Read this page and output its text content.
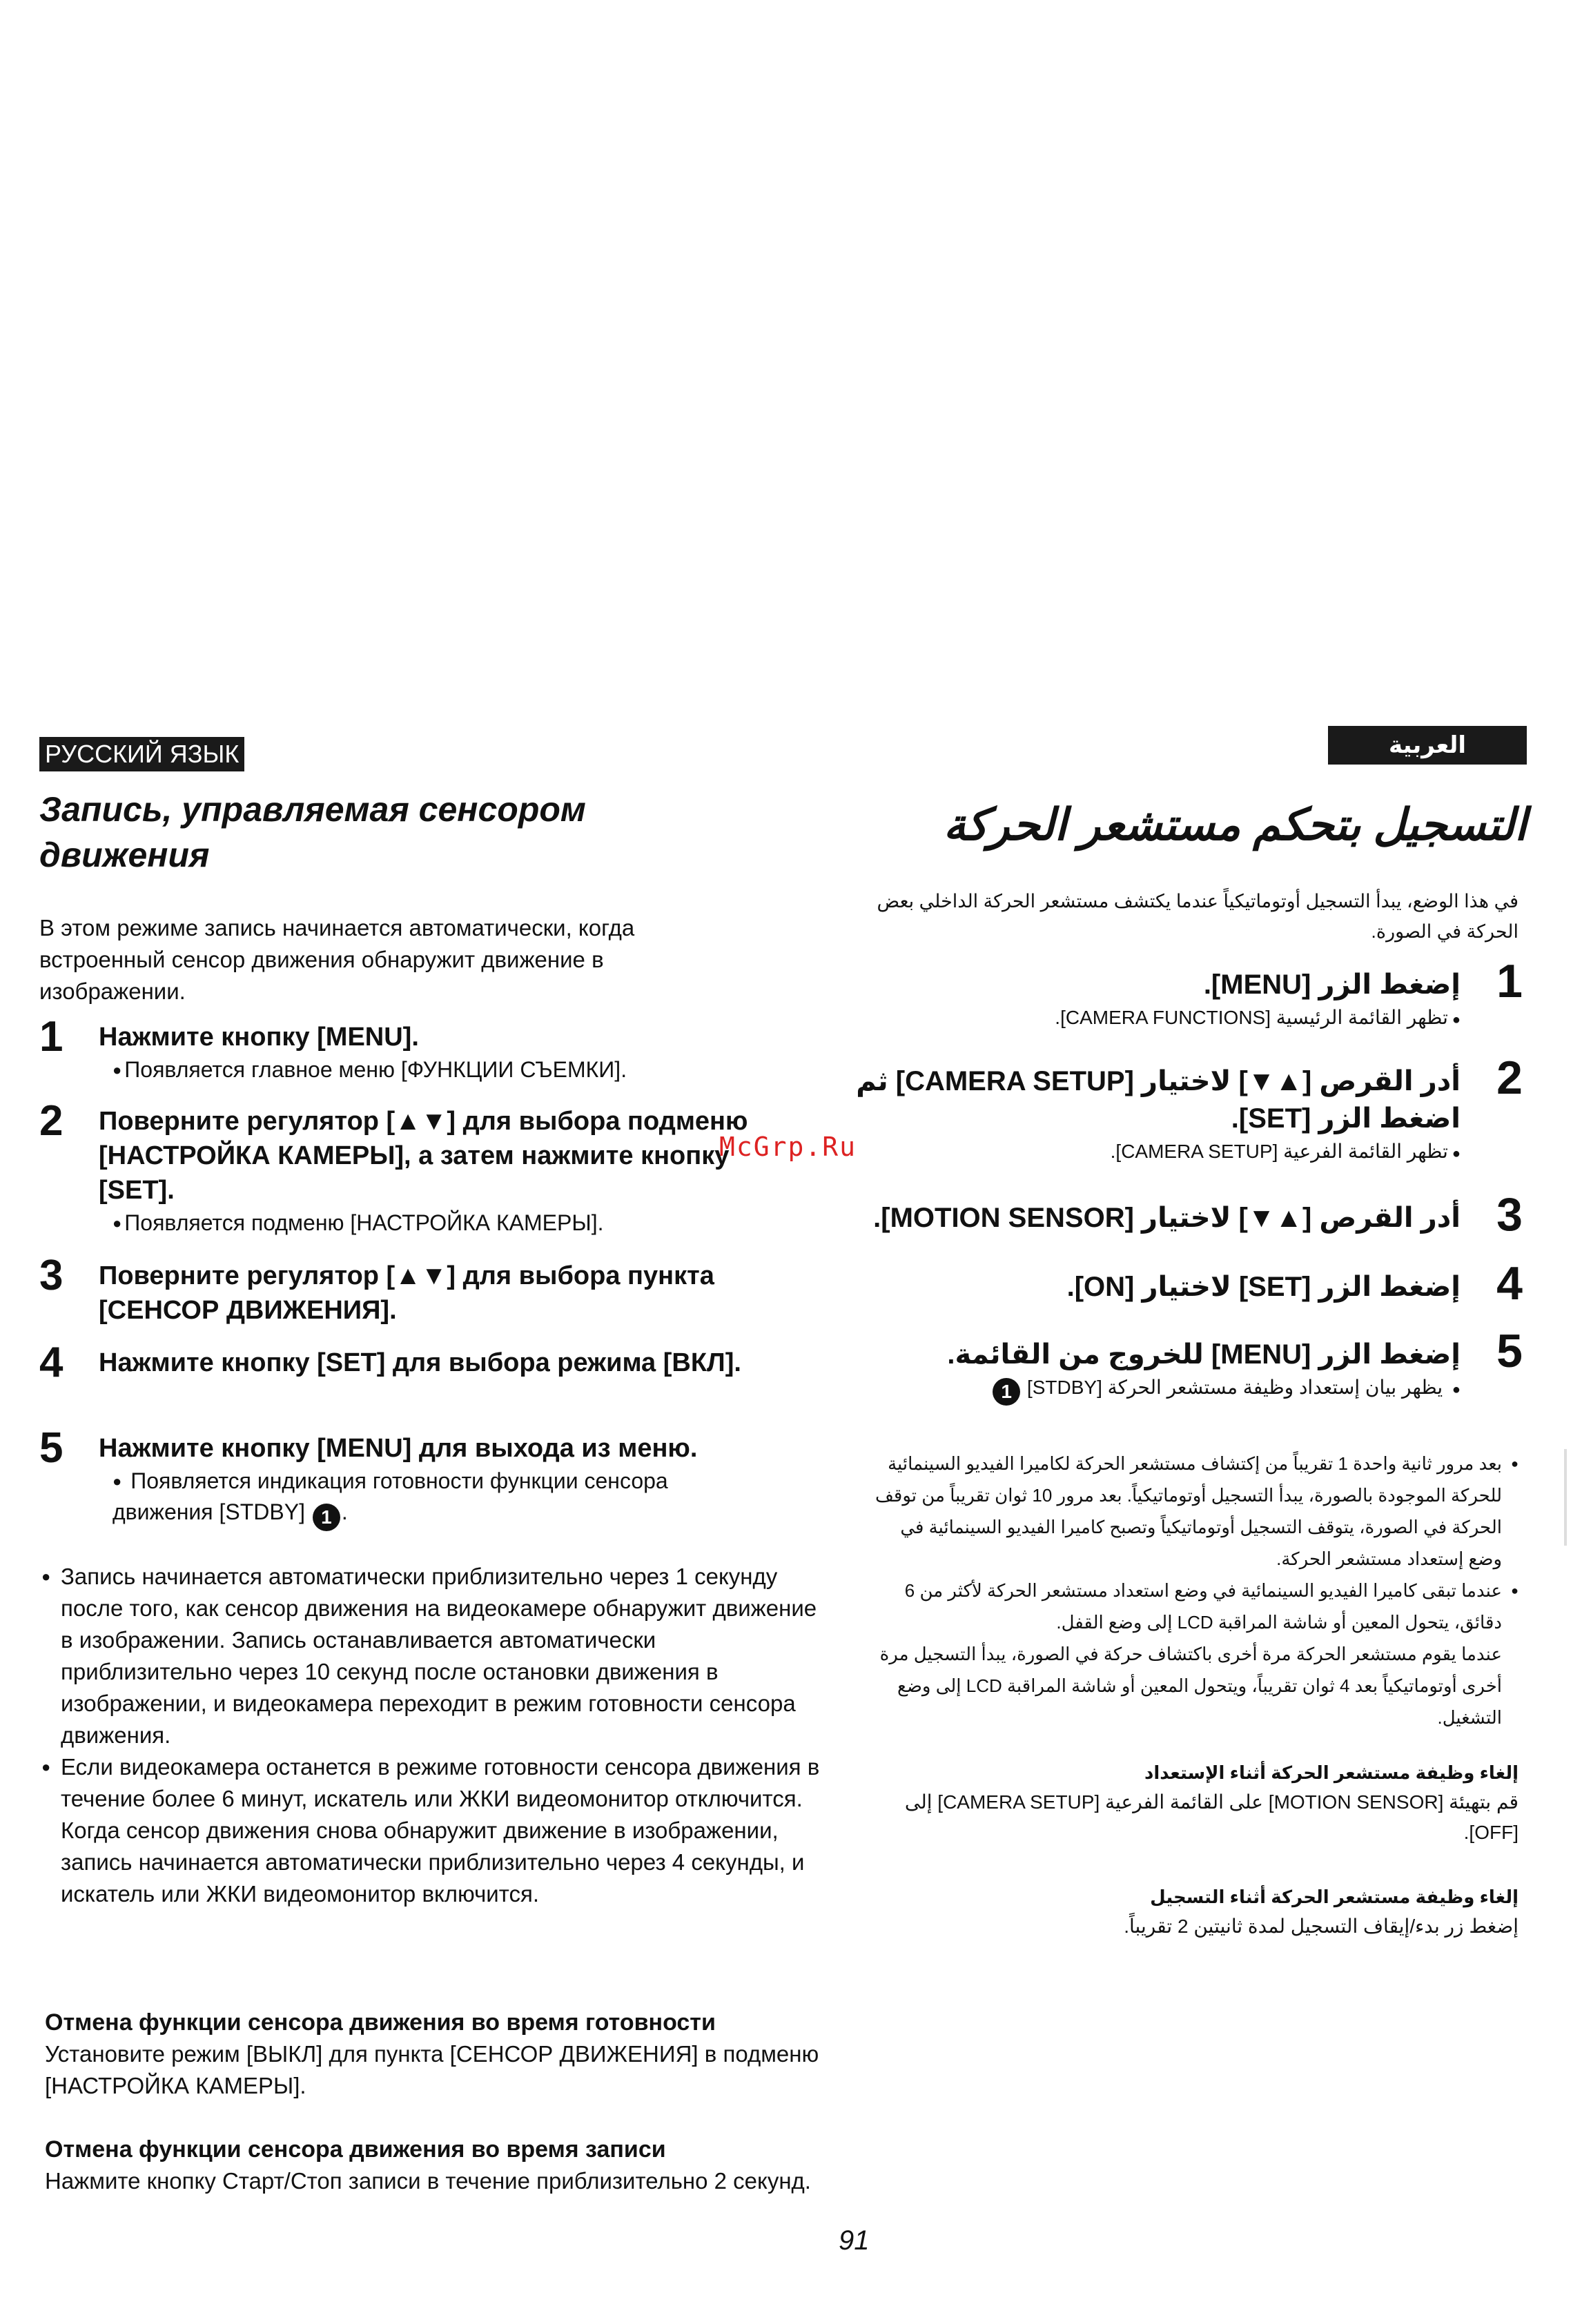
РУССКИЙ ЯЗЫК
Запись, управляемая сенсором движения
В этом режиме запись начинается автоматически, когда встроенный сенсор движения обнаружит движение в изображении.
1	Нажмите кнопку [MENU].
● Появляется главное меню [ФУНКЦИИ СЪЕМКИ].
2	Поверните регулятор [▲▼] для выбора подменю [НАСТРОЙКА КАМЕРЫ], а затем нажмите кнопку [SET].
● Появляется подменю [НАСТРОЙКА КАМЕРЫ].
3	Поверните регулятор [▲▼] для выбора пункта [СЕНСОР ДВИЖЕНИЯ].
4	Нажмите кнопку [SET] для выбора режима [ВКЛ].
5	Нажмите кнопку [MENU] для выхода из меню.
● Появляется индикация готовности функции сенсора движения [STDBY] 1 .
● Запись начинается автоматически приблизительно через 1 секунду после того, как сенсор движения на видеокамере обнаружит движение в изображении. Запись останавливается автоматически приблизительно через 10 секунд после остановки движения в изображении, и видеокамера переходит в режим готовности сенсора движения.
● Если видеокамера останется в режиме готовности сенсора движения в течение более 6 минут, искатель или ЖКИ видеомонитор отключится.
Когда сенсор движения снова обнаружит движение в изображении, запись начинается автоматически приблизительно через 4 секунды, и искатель или ЖКИ видеомонитор включится.
Отмена функции сенсора движения во время готовности
Установите режим [ВЫКЛ] для пункта [СЕНСОР ДВИЖЕНИЯ] в подменю [НАСТРОЙКА КАМЕРЫ].
Отмена функции сенсора движения во время записи
Нажмите кнопку Старт/Стоп записи в течение приблизительно 2 секунд.
McGrp.Ru
العربية
التسجيل بتحكم مستشعر الحركة
في هذا الوضع، يبدأ التسجيل أوتوماتيكياً عندما يكتشف مستشعر الحركة الداخلي بعض الحركة في الصورة.
1
إضغط الزر [MENU].
● تظهر القائمة الرئيسية [CAMERA FUNCTIONS].
2
أدر القرص [▲▼] لاختيار [CAMERA SETUP] ثم اضغط الزر [SET].
● تظهر القائمة الفرعية [CAMERA SETUP].
3
أدر القرص [▲▼] لاختيار [MOTION SENSOR].
4
إضغط الزر [SET] لاختيار [ON].
5
إضغط الزر [MENU] للخروج من القائمة.
● يظهر بيان إستعداد وظيفة مستشعر الحركة [STDBY] 1
● بعد مرور ثانية واحدة 1 تقريباً من إكتشاف مستشعر الحركة لكاميرا الفيديو السينمائية للحركة الموجودة بالصورة، يبدأ التسجيل أوتوماتيكياً. بعد مرور 10 ثوان تقريباً من توقف الحركة في الصورة، يتوقف التسجيل أوتوماتيكياً وتصبح كاميرا الفيديو السينمائية في وضع إستعداد مستشعر الحركة.
● عندما تبقى كاميرا الفيديو السينمائية في وضع استعداد مستشعر الحركة لأكثر من 6 دقائق، يتحول المعين أو شاشة المراقبة LCD إلى وضع القفل.
عندما يقوم مستشعر الحركة مرة أخرى باكتشاف حركة في الصورة، يبدأ التسجيل مرة أخرى أوتوماتيكياً بعد 4 ثوان تقريباً، ويتحول المعين أو شاشة المراقبة LCD إلى وضع التشغيل.
إلغاء وظيفة مستشعر الحركة أثناء الإستعداد
قم بتهيئة [MOTION SENSOR] على القائمة الفرعية [CAMERA SETUP] إلى [OFF].
إلغاء وظيفة مستشعر الحركة أثناء التسجيل
إضغط زر بدء/إيقاف التسجيل لمدة ثانيتين 2 تقريباً.
91
